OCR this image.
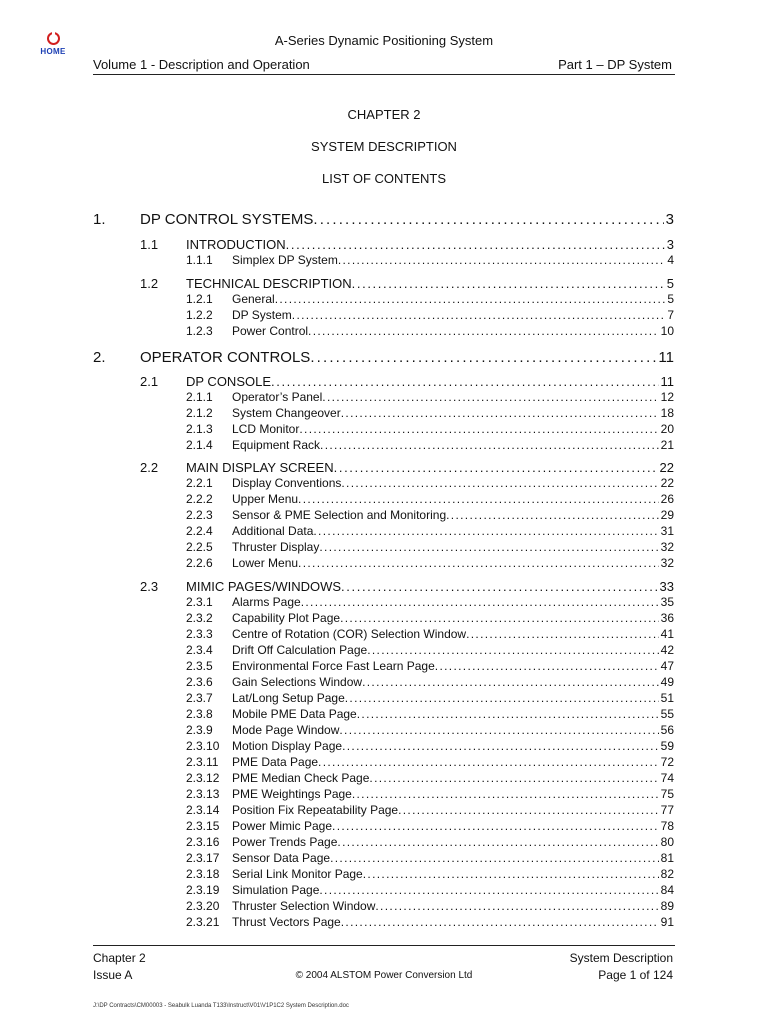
HOME
A-Series Dynamic Positioning System
Volume 1 - Description and Operation	Part 1 – DP System
CHAPTER 2
SYSTEM DESCRIPTION
LIST OF CONTENTS
1.	DP CONTROL SYSTEMS . . .	3
1.1	INTRODUCTION . . .	3
1.1.1	Simplex DP System . . .	4
1.2	TECHNICAL DESCRIPTION . . .	5
1.2.1	General . . .	5
1.2.2	DP System . . .	7
1.2.3	Power Control . . .	10
2.	OPERATOR CONTROLS . . .	11
2.1	DP CONSOLE . . .	11
2.1.1	Operator’s Panel . . .	12
2.1.2	System Changeover . . .	18
2.1.3	LCD Monitor . . .	20
2.1.4	Equipment Rack . . .	21
2.2	MAIN DISPLAY SCREEN . . .	22
2.2.1	Display Conventions . . .	22
2.2.2	Upper Menu . . .	26
2.2.3	Sensor & PME Selection and Monitoring . . .	29
2.2.4	Additional Data . . .	31
2.2.5	Thruster Display . . .	32
2.2.6	Lower Menu . . .	32
2.3	MIMIC PAGES/WINDOWS . . .	33
2.3.1	Alarms Page . . .	35
2.3.2	Capability Plot Page . . .	36
2.3.3	Centre of Rotation (COR) Selection Window . . .	41
2.3.4	Drift Off Calculation Page . . .	42
2.3.5	Environmental Force Fast Learn Page . . .	47
2.3.6	Gain Selections Window . . .	49
2.3.7	Lat/Long Setup Page . . .	51
2.3.8	Mobile PME Data Page . . .	55
2.3.9	Mode Page Window . . .	56
2.3.10	Motion Display Page . . .	59
2.3.11	PME Data Page . . .	72
2.3.12	PME Median Check Page . . .	74
2.3.13	PME Weightings Page . . .	75
2.3.14	Position Fix Repeatability Page . . .	77
2.3.15	Power Mimic Page . . .	78
2.3.16	Power Trends Page . . .	80
2.3.17	Sensor Data Page . . .	81
2.3.18	Serial Link Monitor Page . . .	82
2.3.19	Simulation Page . . .	84
2.3.20	Thruster Selection Window . . .	89
2.3.21	Thrust Vectors Page . . .	91
Chapter 2
Issue A	© 2004 ALSTOM Power Conversion Ltd
System Description
Page 1 of 124
J:\DP Contracts\CM00003 - Seabulk Luanda T133\Instruct\V01\V1P1C2 System Description.doc
